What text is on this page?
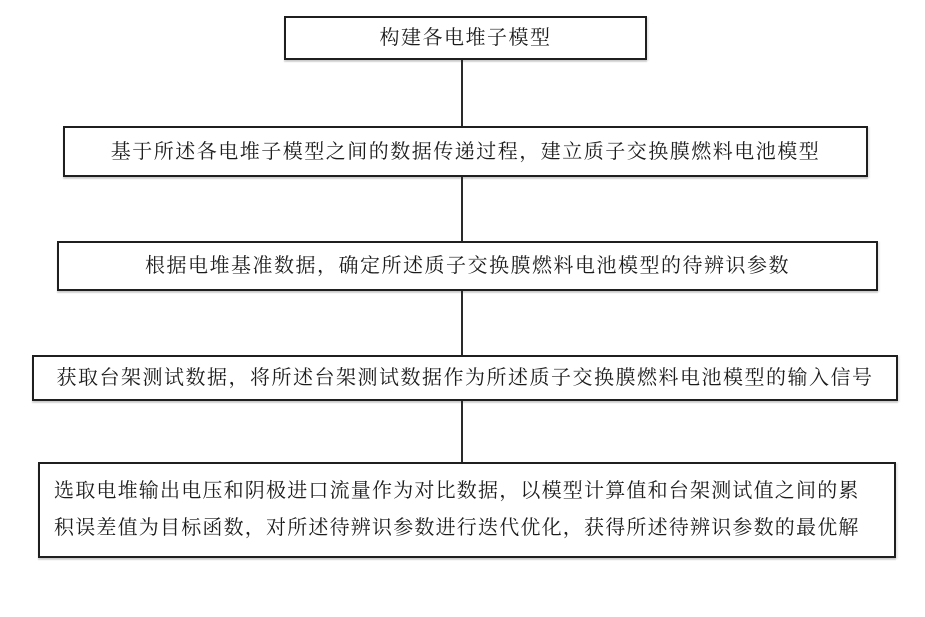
构建各电堆子模型
基于所述各电堆子模型之间的数据传递过程，建立质子交换膜燃料电池模型
根据电堆基准数据，确定所述质子交换膜燃料电池模型的待辨识参数
获取台架测试数据，将所述台架测试数据作为所述质子交换膜燃料电池模型的输入信号
选取电堆输出电压和阴极进口流量作为对比数据，以模型计算值和台架测试值之间的累
积误差值为目标函数，对所述待辨识参数进行迭代优化，获得所述待辨识参数的最优解
